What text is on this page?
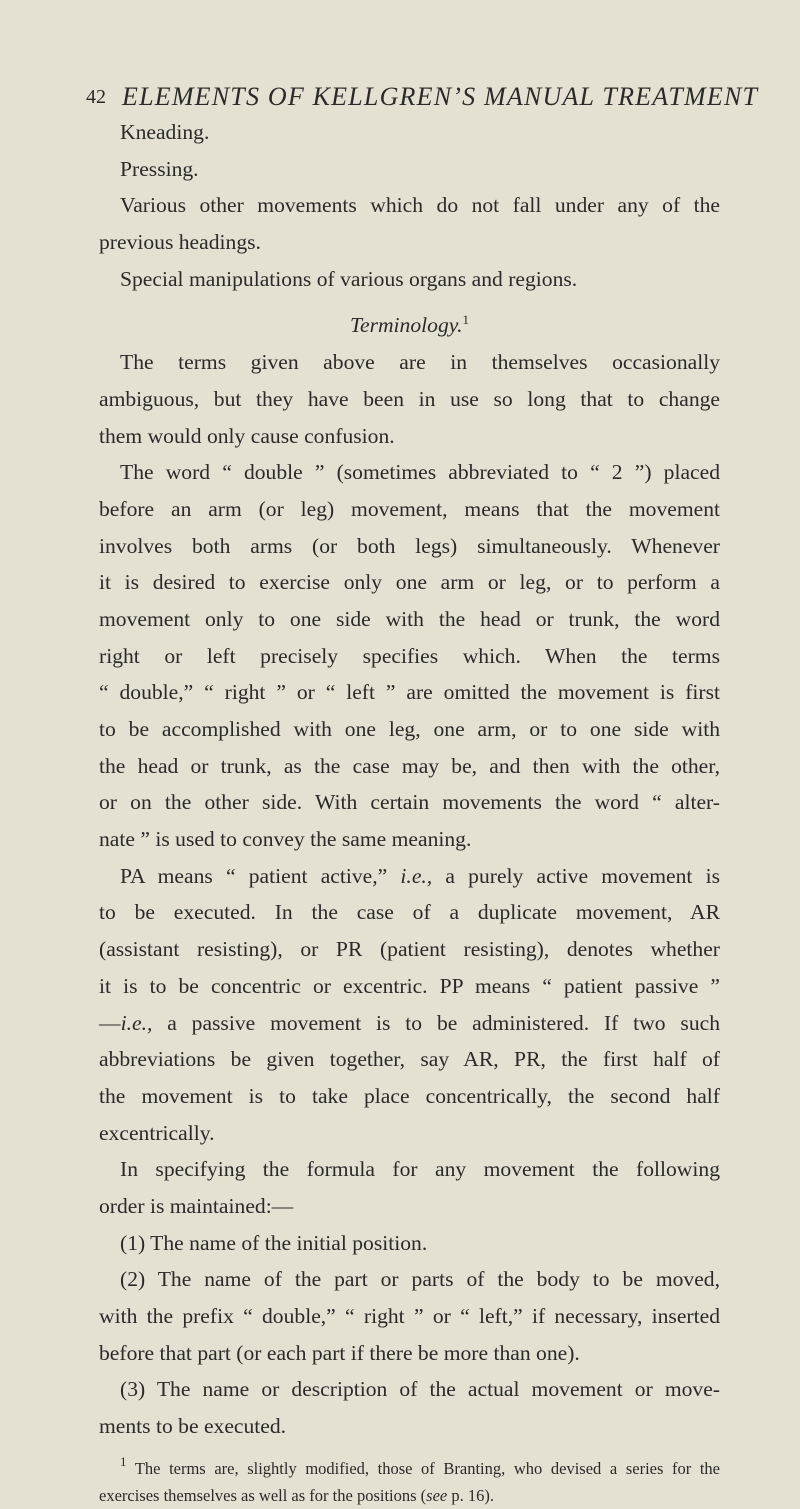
42 ELEMENTS OF KELLGREN’S MANUAL TREATMENT
Kneading.
Pressing.
Various other movements which do not fall under any of the
previous headings.
Special manipulations of various organs and regions.
Terminology.$^1$
The terms given above are in themselves occasionally
ambiguous, but they have been in use so long that to change
them would only cause confusion.
The word “ double ” (sometimes abbreviated to “ 2 ”) placed
before an arm (or leg) movement, means that the movement
involves both arms (or both legs) simultaneously. Whenever
it is desired to exercise only one arm or leg, or to perform a
movement only to one side with the head or trunk, the word
right or left precisely specifies which. When the terms
“ double,” “ right ” or “ left ” are omitted the movement is first
to be accomplished with one leg, one arm, or to one side with
the head or trunk, as the case may be, and then with the other,
or on the other side. With certain movements the word “ alter-
nate ” is used to convey the same meaning.
PA means “ patient active,” i.e., a purely active movement is
to be executed. In the case of a duplicate movement, AR
(assistant resisting), or PR (patient resisting), denotes whether
it is to be concentric or excentric. PP means “ patient passive ”
—i.e., a passive movement is to be administered. If two such
abbreviations be given together, say AR, PR, the first half of
the movement is to take place concentrically, the second half
excentrically.
In specifying the formula for any movement the following
order is maintained:—
(1) The name of the initial position.
(2) The name of the part or parts of the body to be moved,
with the prefix “ double,” “ right ” or “ left,” if necessary, inserted
before that part (or each part if there be more than one).
(3) The name or description of the actual movement or move-
ments to be executed.
$^1$ The terms are, slightly modified, those of Branting, who devised a series for the
exercises themselves as well as for the positions (see p. 16).
